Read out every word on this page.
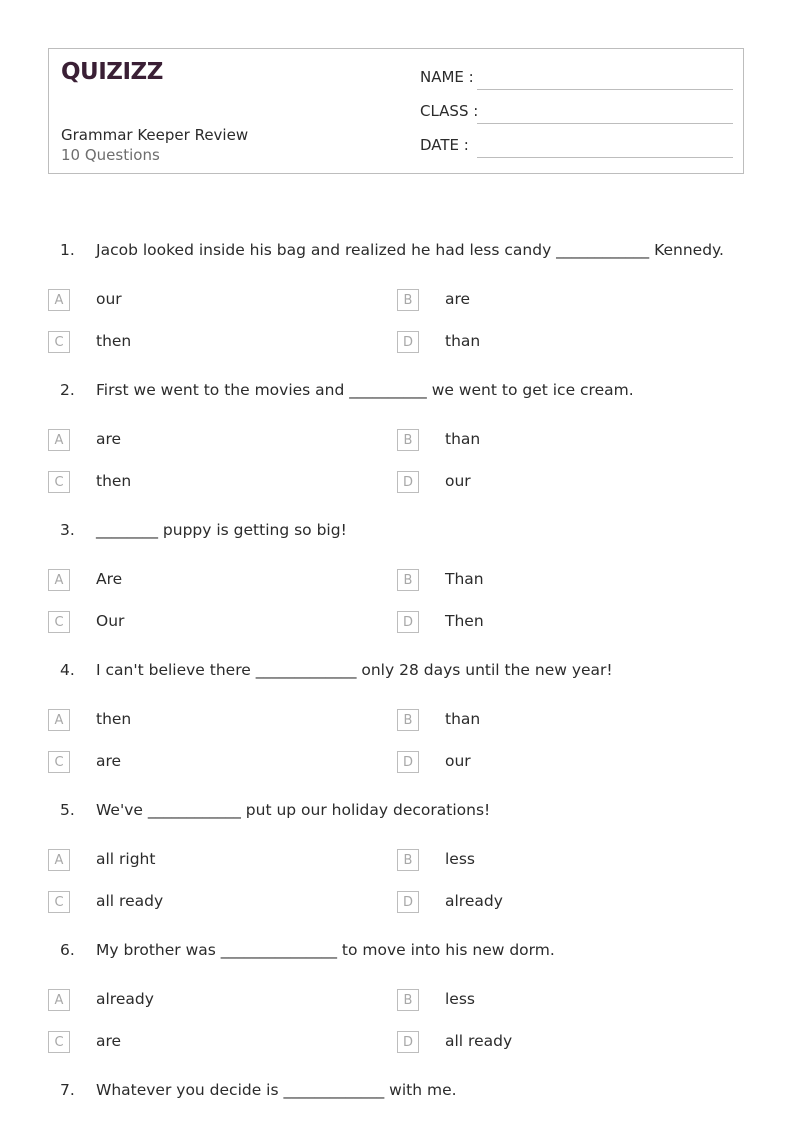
QUIZIZZ
Grammar Keeper Review
10 Questions
NAME :
CLASS :
DATE :
1. Jacob looked inside his bag and realized he had less candy ____________ Kennedy.
A	our	B	are
C	then	D	than
2. First we went to the movies and __________ we went to get ice cream.
A	are	B	than
C	then	D	our
3. ________ puppy is getting so big!
A	Are	B	Than
C	Our	D	Then
4. I can't believe there _____________ only 28 days until the new year!
A	then	B	than
C	are	D	our
5. We've ____________ put up our holiday decorations!
A	all right	B	less
C	all ready	D	already
6. My brother was _______________ to move into his new dorm.
A	already	B	less
C	are	D	all ready
7. Whatever you decide is _____________ with me.
